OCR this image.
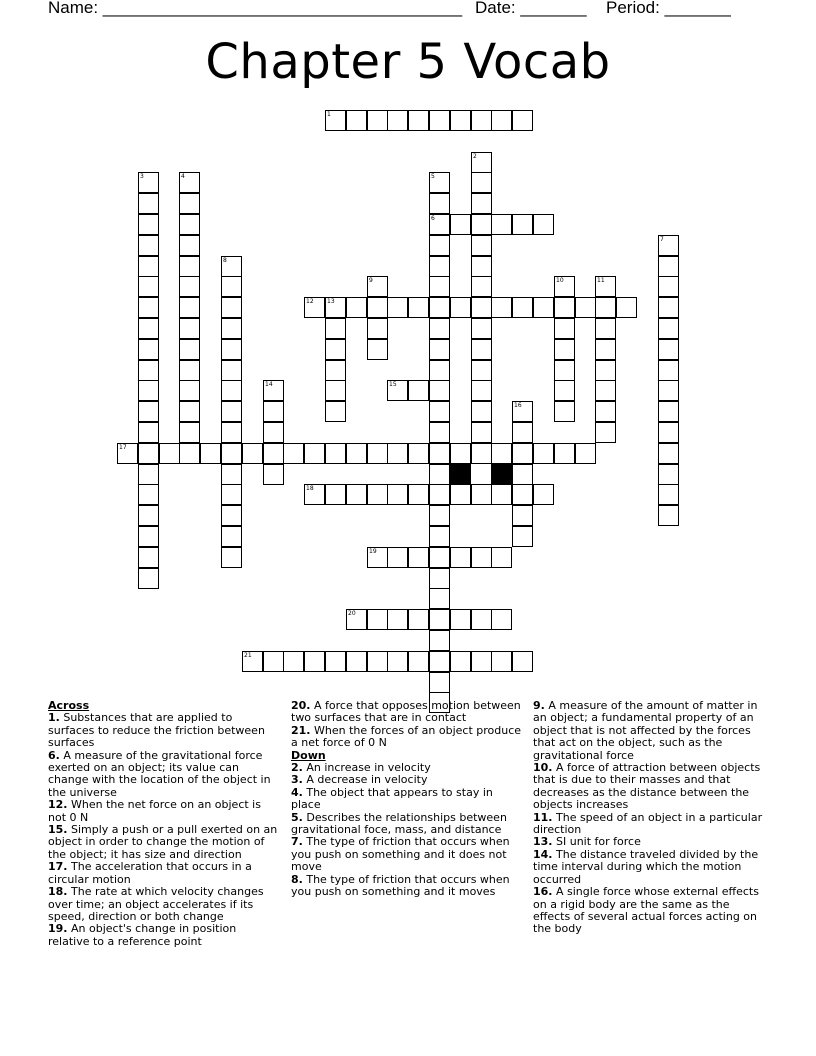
Name: ______________________________________ Date: _______ Period: _______
Chapter 5 Vocab
1
2
3	4	5
6
7
8
9	10	11
12 13
14	15
16
17
18
19
20
21
Across

1. Substances that are applied to surfaces to reduce the friction between surfaces

6. A measure of the gravitational force exerted on an object; its value can change with the location of the object in the universe

12. When the net force on an object is not 0 N

15. Simply a push or a pull exerted on an object in order to change the motion of the object; it has size and direction

17. The acceleration that occurs in a circular motion

18. The rate at which velocity changes over time; an object accelerates if its speed, direction or both change

19. An object's change in position relative to a reference point

20. A force that opposes motion between two surfaces that are in contact

21. When the forces of an object produce a net force of 0 N

Down

2. An increase in velocity

3. A decrease in velocity

4. The object that appears to stay in place

5. Describes the relationships between gravitational foce, mass, and distance

7. The type of friction that occurs when you push on something and it does not move

8. The type of friction that occurs when you push on something and it moves

9. A measure of the amount of matter in an object; a fundamental property of an object that is not affected by the forces that act on the object, such as the gravitational force

10. A force of attraction between objects that is due to their masses and that decreases as the distance between the objects increases

11. The speed of an object in a particular direction

13. SI unit for force

14. The distance traveled divided by the time interval during which the motion occurred

16. A single force whose external effects on a rigid body are the same as the effects of several actual forces acting on the body
